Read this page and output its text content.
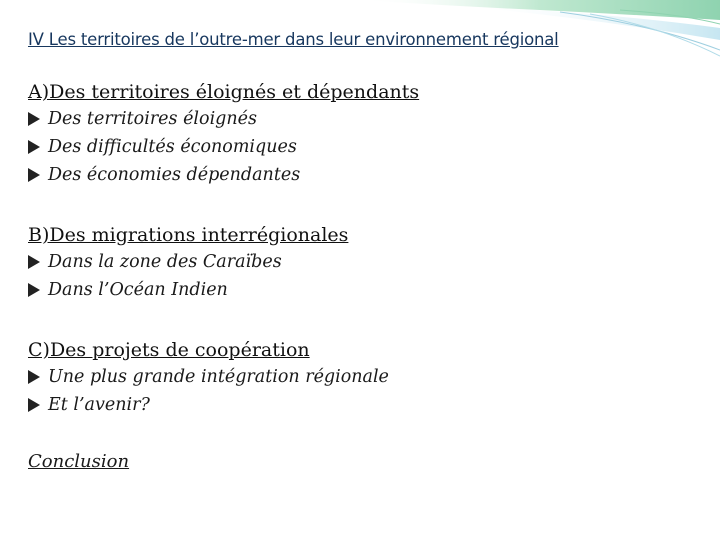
IV Les territoires de l’outre-mer dans leur environnement régional

A)Des territoires éloignés et dépendants

Des territoires éloignés
Des difficultés économiques
Des économies dépendantes

B)Des migrations interrégionales

Dans la zone des Caraïbes
Dans l’Océan Indien

C)Des projets de coopération

Une plus grande intégration régionale
Et l’avenir?
Conclusion
